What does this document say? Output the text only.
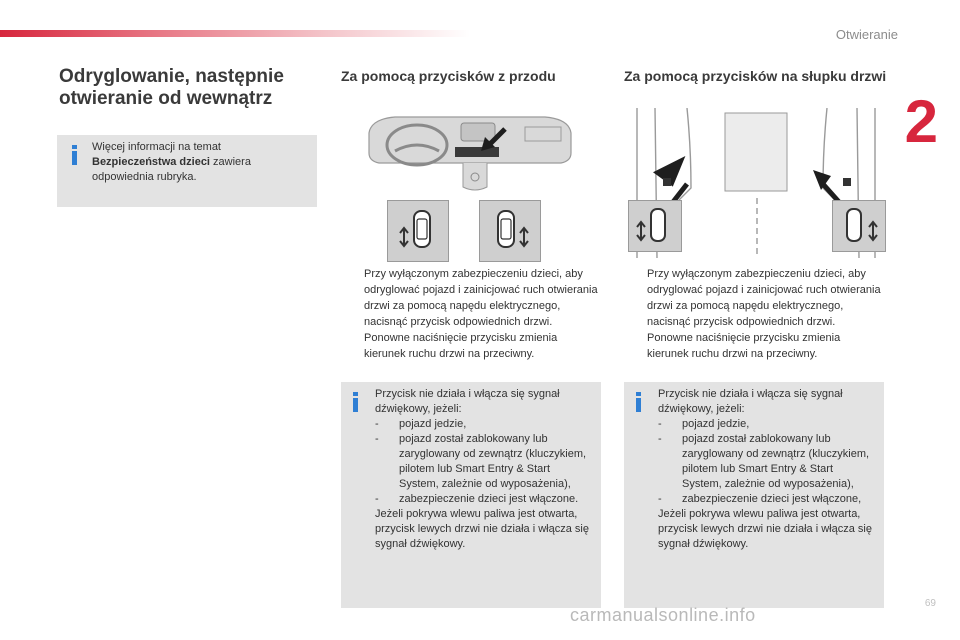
Otwieranie
2
Odryglowanie, następnie otwieranie od wewnątrz

Więcej informacji na temat

Bezpieczeństwa dzieci zawiera

odpowiednia rubryka.

Za pomocą przycisków z przodu	Za pomocą przycisków na słupku drzwi
Przy wyłączonym zabezpieczeniu dzieci, aby odryglować pojazd i zainicjować ruch otwierania drzwi za pomocą napędu elektrycznego, nacisnąć przycisk odpowiednich drzwi.
Ponowne naciśnięcie przycisku zmienia kierunek ruchu drzwi na przeciwny.
Przy wyłączonym zabezpieczeniu dzieci, aby odryglować pojazd i zainicjować ruch otwierania drzwi za pomocą napędu elektrycznego, nacisnąć przycisk odpowiednich drzwi.
Ponowne naciśnięcie przycisku zmienia kierunek ruchu drzwi na przeciwny.

Przycisk nie działa i włącza się sygnał dźwiękowy, jeżeli:

-	pojazd jedzie,
-	pojazd został zablokowany lub zaryglowany od zewnątrz (kluczykiem, pilotem lub Smart Entry & Start System, zależnie od wyposażenia),
-	zabezpieczenie dzieci jest włączone.

Jeżeli pokrywa wlewu paliwa jest otwarta, przycisk lewych drzwi nie działa i włącza się sygnał dźwiękowy.

Przycisk nie działa i włącza się sygnał dźwiękowy, jeżeli:

-	pojazd jedzie,
-	pojazd został zablokowany lub zaryglowany od zewnątrz (kluczykiem, pilotem lub Smart Entry & Start System, zależnie od wyposażenia),
-	zabezpieczenie dzieci jest włączone,

Jeżeli pokrywa wlewu paliwa jest otwarta, przycisk lewych drzwi nie działa i włącza się sygnał dźwiękowy.

carmanualsonline.info
69
